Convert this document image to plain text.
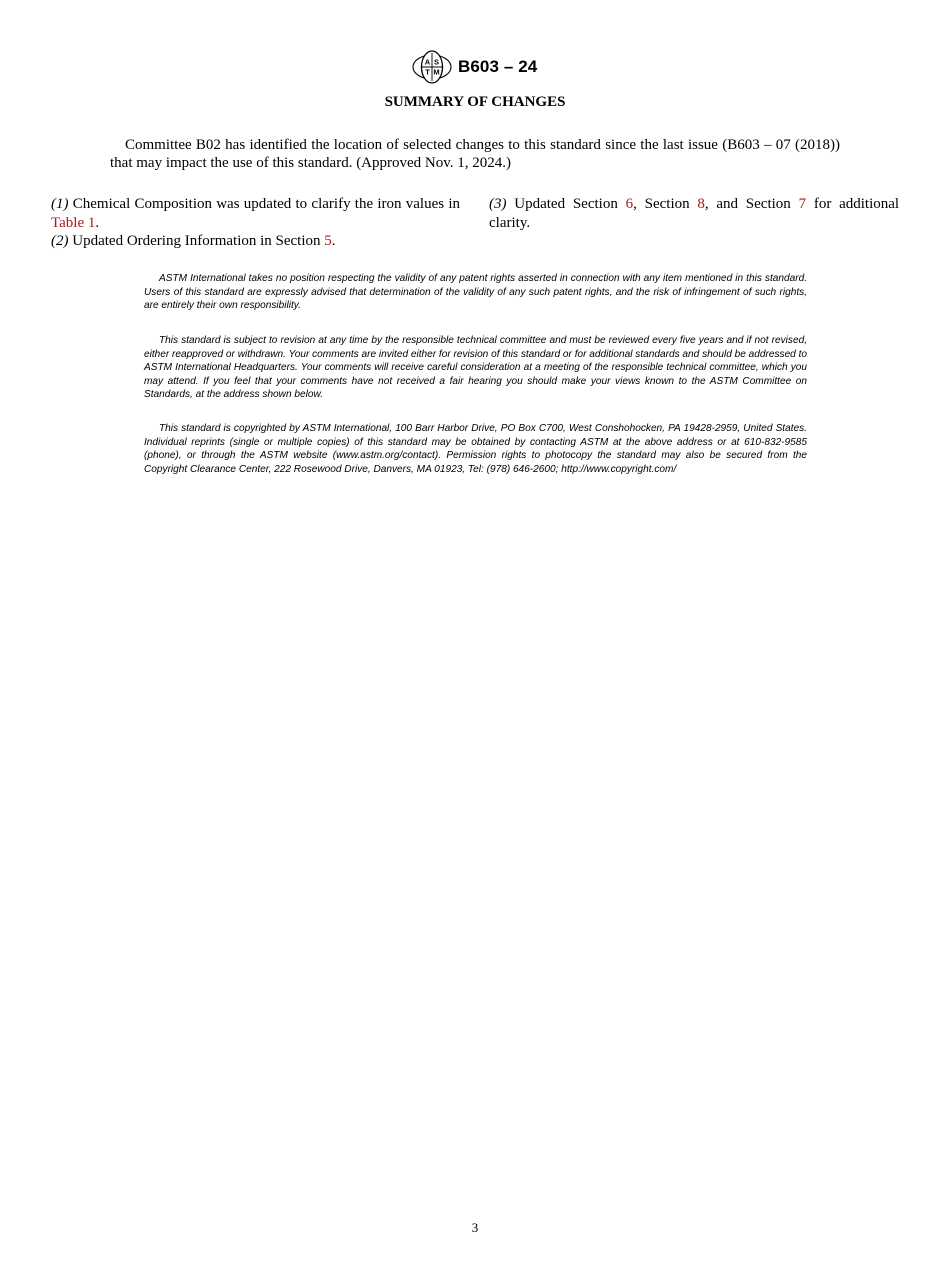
A S
T M B603 – 24
SUMMARY OF CHANGES

Committee B02 has identified the location of selected changes to this standard since the last issue (B603 – 07 (2018)) that may impact the use of this standard. (Approved Nov. 1, 2024.)

(1) Chemical Composition was updated to clarify the iron values in Table 1.

(2) Updated Ordering Information in Section 5.

(3) Updated Section 6, Section 8, and Section 7 for additional clarity.

ASTM International takes no position respecting the validity of any patent rights asserted in connection with any item mentioned in this standard. Users of this standard are expressly advised that determination of the validity of any such patent rights, and the risk of infringement of such rights, are entirely their own responsibility.

This standard is subject to revision at any time by the responsible technical committee and must be reviewed every five years and if not revised, either reapproved or withdrawn. Your comments are invited either for revision of this standard or for additional standards and should be addressed to ASTM International Headquarters. Your comments will receive careful consideration at a meeting of the responsible technical committee, which you may attend. If you feel that your comments have not received a fair hearing you should make your views known to the ASTM Committee on Standards, at the address shown below.

This standard is copyrighted by ASTM International, 100 Barr Harbor Drive, PO Box C700, West Conshohocken, PA 19428-2959, United States. Individual reprints (single or multiple copies) of this standard may be obtained by contacting ASTM at the above address or at 610-832-9585 (phone), or through the ASTM website (www.astm.org/contact). Permission rights to photocopy the standard may also be secured from the Copyright Clearance Center, 222 Rosewood Drive, Danvers, MA 01923, Tel: (978) 646-2600; http://www.copyright.com/

3
